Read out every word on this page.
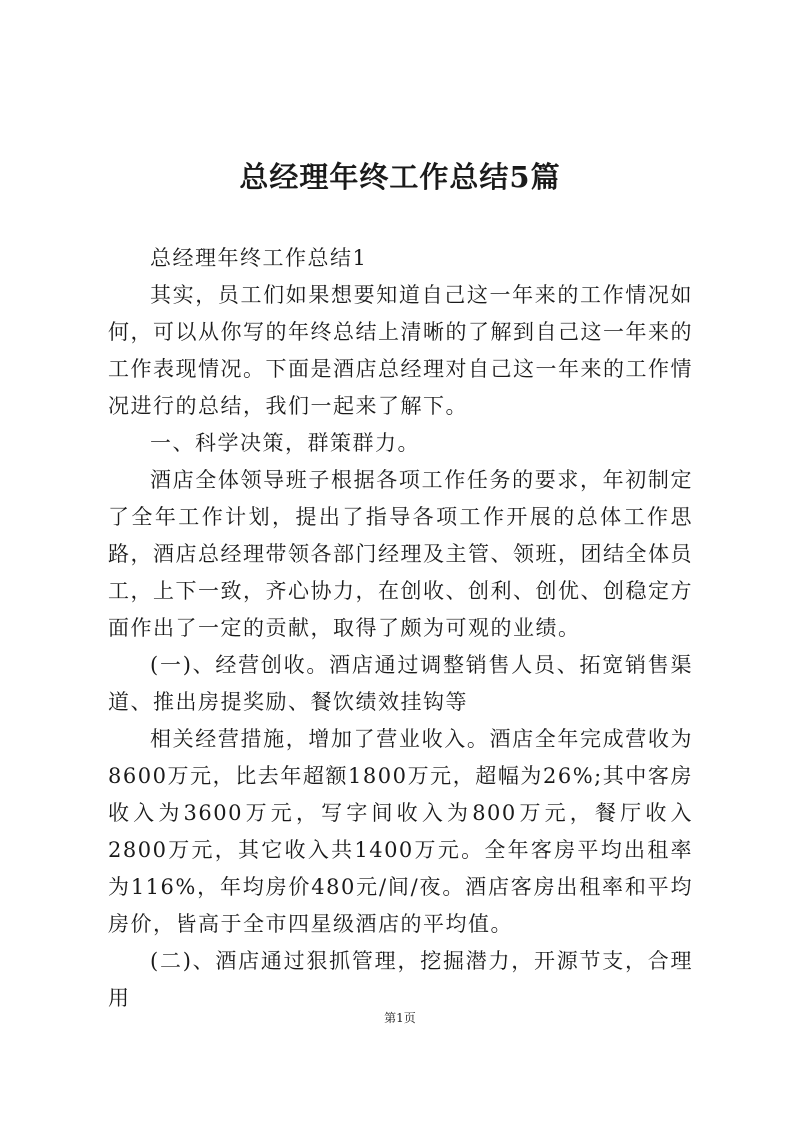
总经理年终工作总结5篇

总经理年终工作总结1

其实，员工们如果想要知道自己这一年来的工作情况如何，可以从你写的年终总结上清晰的了解到自己这一年来的工作表现情况。下面是酒店总经理对自己这一年来的工作情况进行的总结，我们一起来了解下。

一、科学决策，群策群力。

酒店全体领导班子根据各项工作任务的要求，年初制定了全年工作计划，提出了指导各项工作开展的总体工作思路，酒店总经理带领各部门经理及主管、领班，团结全体员工，上下一致，齐心协力，在创收、创利、创优、创稳定方面作出了一定的贡献，取得了颇为可观的业绩。

(一)、经营创收。酒店通过调整销售人员、拓宽销售渠道、推出房提奖励、餐饮绩效挂钩等

相关经营措施，增加了营业收入。酒店全年完成营收为8600万元，比去年超额1800万元，超幅为26%;其中客房收入为3600万元，写字间收入为800万元，餐厅收入2800万元，其它收入共1400万元。全年客房平均出租率为116%，年均房价480元/间/夜。酒店客房出租率和平均房价，皆高于全市四星级酒店的平均值。

(二)、酒店通过狠抓管理，挖掘潜力，开源节支，合理用

第1页
